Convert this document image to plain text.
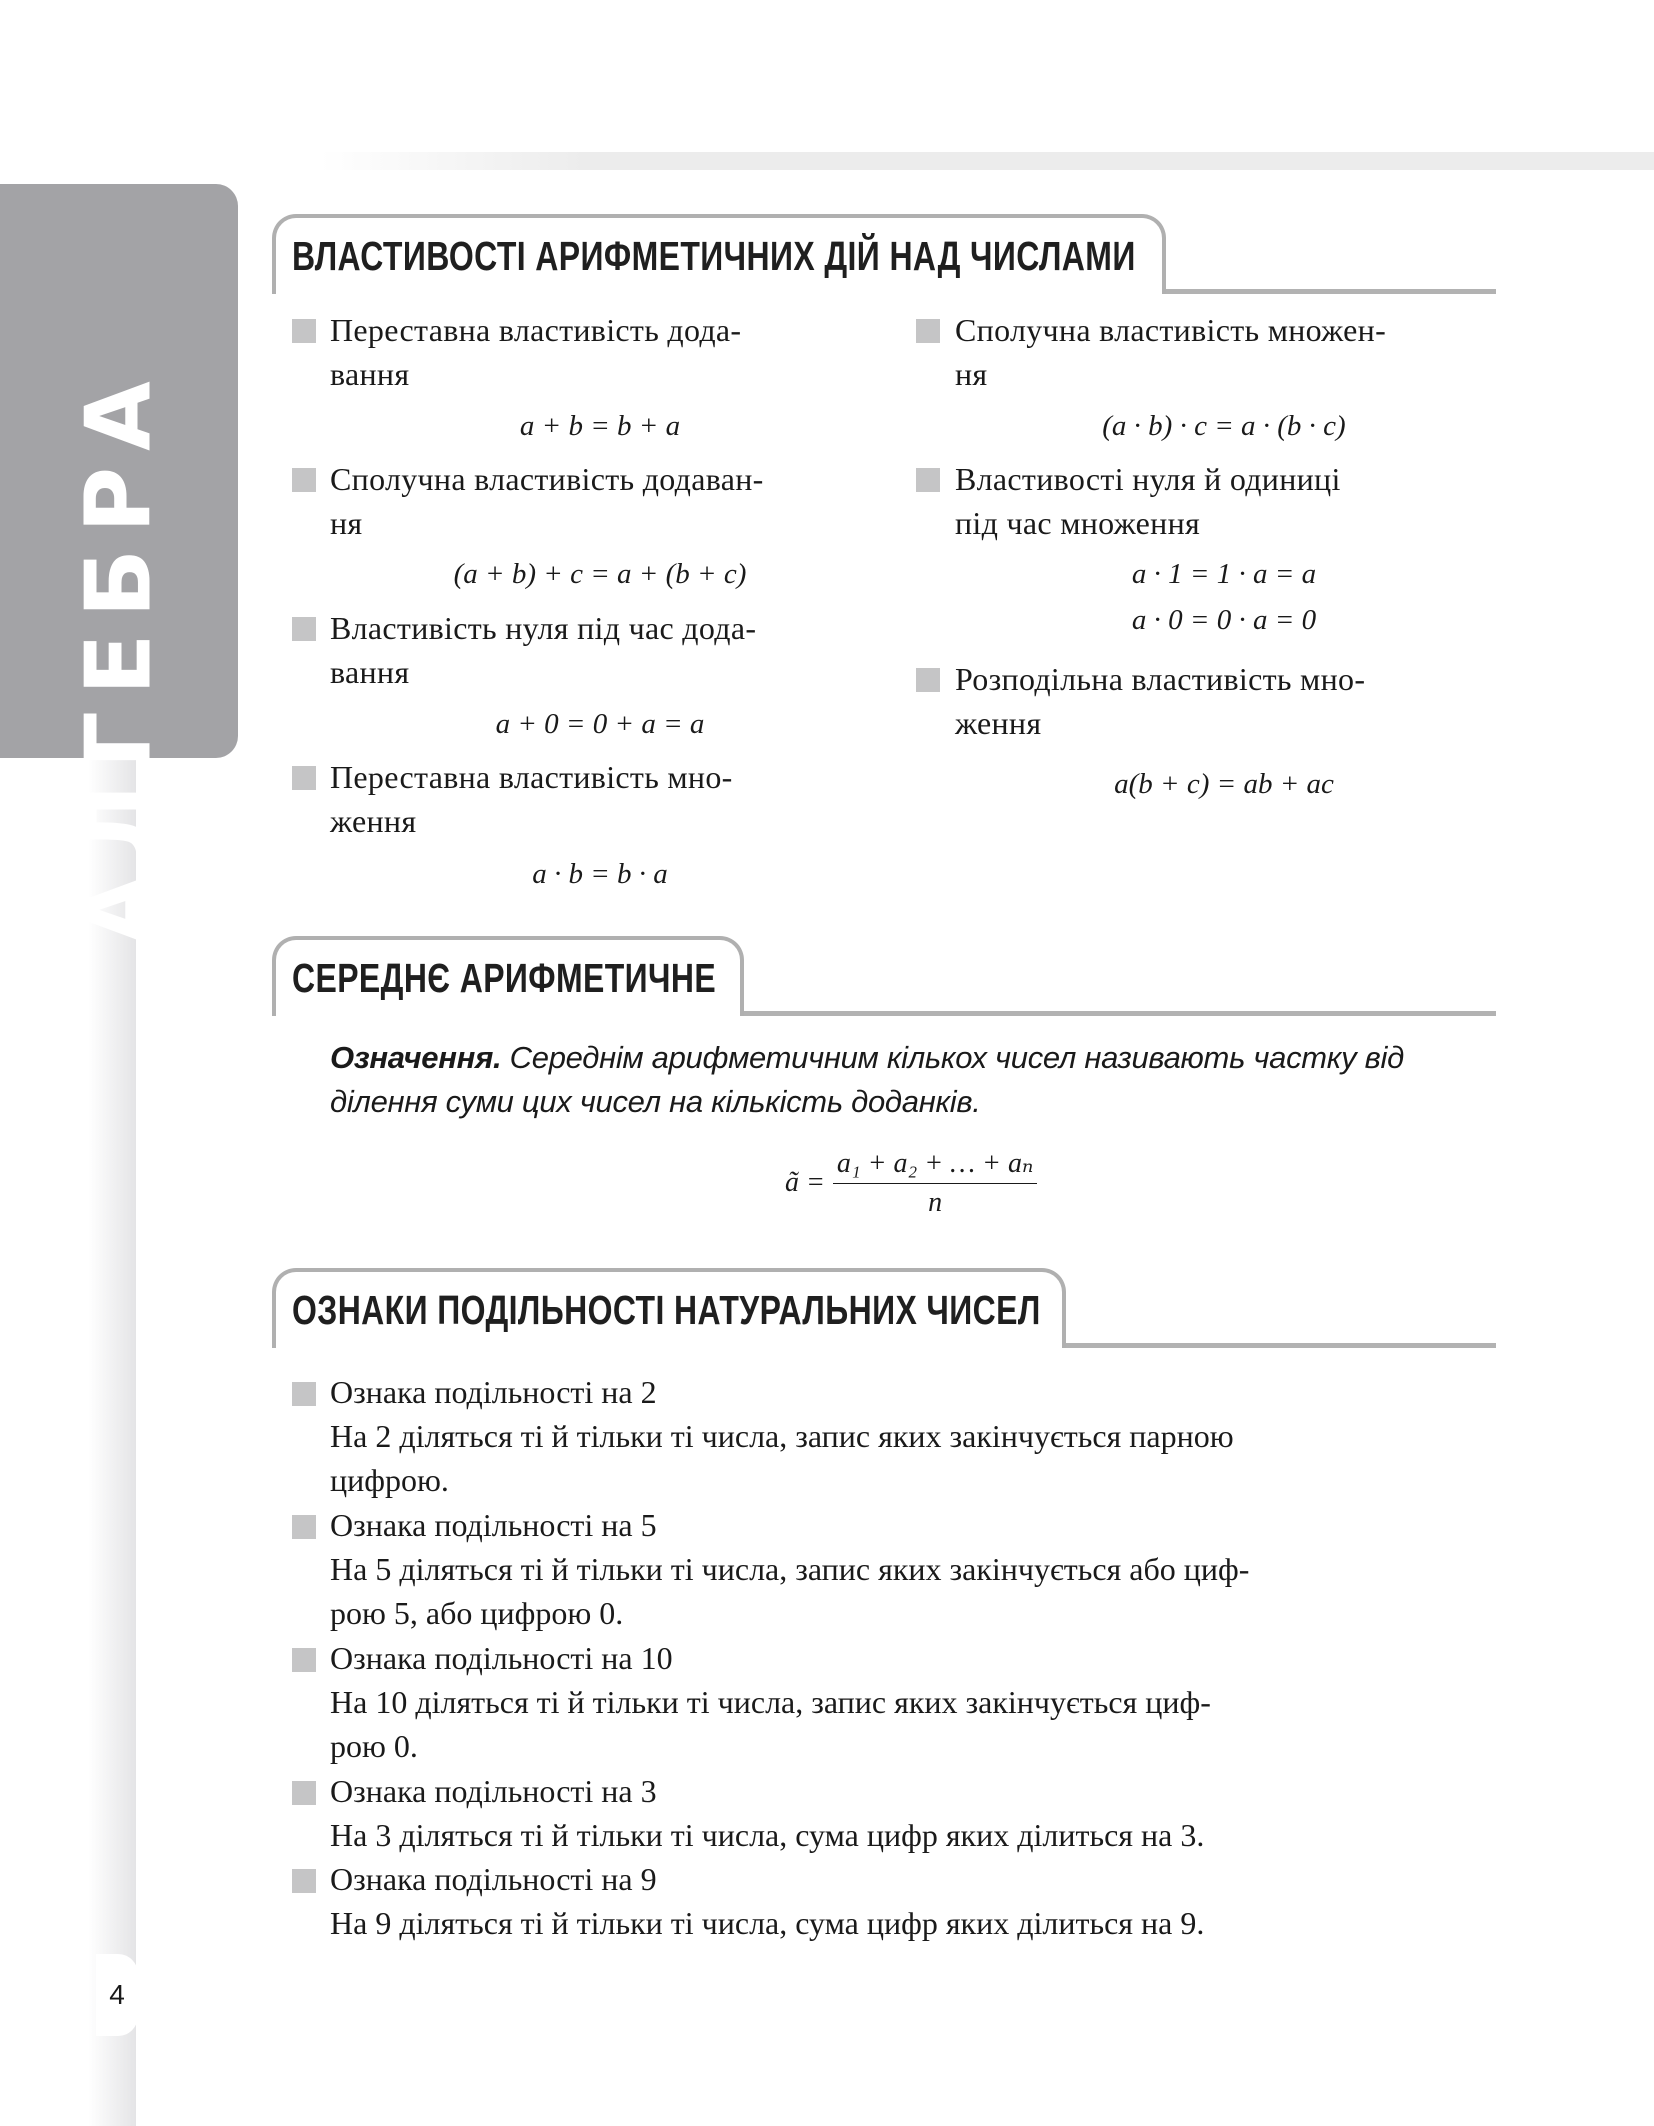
АЛГЕБРА
4
ВЛАСТИВОСТІ АРИФМЕТИЧНИХ ДІЙ НАД ЧИСЛАМИ
Переставна властивість дода-
вання
a + b = b + a
Сполучна властивість додаван-
ня
(a + b) + c = a + (b + c)
Властивість нуля під час дода-
вання
a + 0 = 0 + a = a
Переставна властивість мно-
ження
a · b = b · a
Сполучна властивість множен-
ня
(a · b) · c = a · (b · c)
Властивості нуля й одиниці
під час множення
a · 1 = 1 · a = a
a · 0 = 0 · a = 0
Розподільна властивість мно-
ження
a(b + c) = ab + ac
СЕРЕДНЄ АРИФМЕТИЧНЕ
Означення. Середнім арифметичним кількох чисел називають частку від ділення суми цих чисел на кількість доданків.
ã = $\frac{\text{a₁ + a₂ + … + aₙ}}{n}$
ОЗНАКИ ПОДІЛЬНОСТІ НАТУРАЛЬНИХ ЧИСЕЛ
Ознака подільності на 2
На 2 діляться ті й тільки ті числа, запис яких закінчується парною
цифрою.
Ознака подільності на 5
На 5 діляться ті й тільки ті числа, запис яких закінчується або циф-
рою 5, або цифрою 0.
Ознака подільності на 10
На 10 діляться ті й тільки ті числа, запис яких закінчується циф-
рою 0.
Ознака подільності на 3
На 3 діляться ті й тільки ті числа, сума цифр яких ділиться на 3.
Ознака подільності на 9
На 9 діляться ті й тільки ті числа, сума цифр яких ділиться на 9.
